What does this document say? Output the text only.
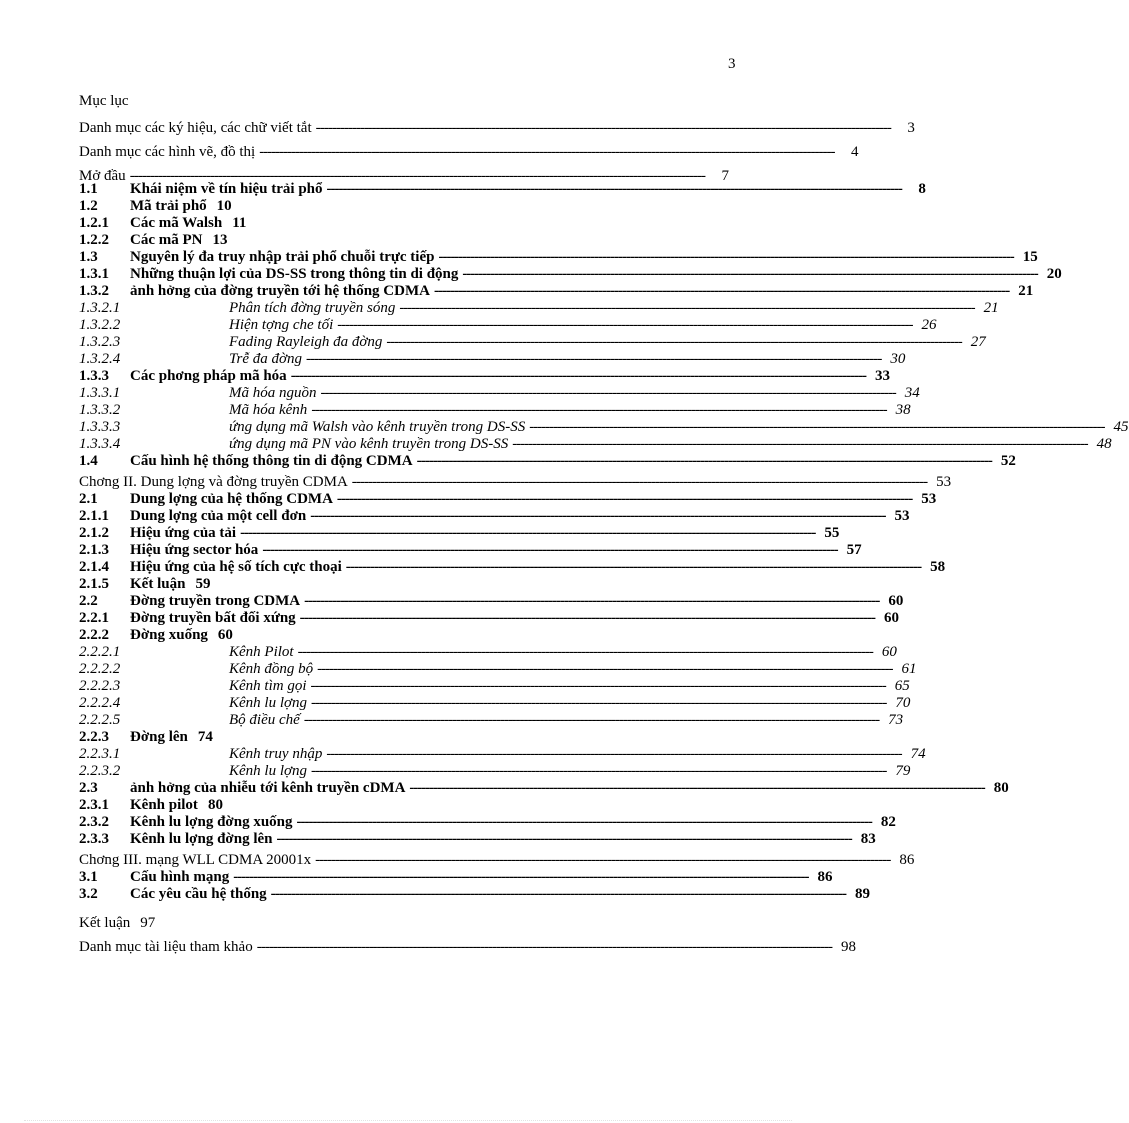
3
Mục lục
Danh mục các ký hiệu, các chữ viết tắt -----	3
Danh mục các hình vẽ, đồ thị -----	4
Mở đầu -----	7
1.1	Khái niệm về tín hiệu trải phổ -----	8
1.2	Mã trải phổ 10
1.2.1	Các mã Walsh 11
1.2.2	Các mã PN 13
1.3	Nguyên lý đa truy nhập trải phổ chuỗi trực tiếp -----	15
1.3.1	Những thuận lợi của DS-SS trong thông tin di động -----	20
1.3.2	ảnh hởng của đờng truyền tới hệ thống CDMA -----	21
1.3.2.1	Phân tích đờng truyền sóng -----	21
1.3.2.2	Hiện tợng che tối -----	26
1.3.2.3	Fading Rayleigh đa đờng -----	27
1.3.2.4	Trễ đa đờng -----	30
1.3.3	Các phơng pháp mã hóa -----	33
1.3.3.1	Mã hóa nguồn -----	34
1.3.3.2	Mã hóa kênh -----	38
1.3.3.3	ứng dụng mã Walsh vào kênh truyền trong DS-SS -----	45
1.3.3.4	ứng dụng mã PN vào kênh truyền trong DS-SS -----	48
1.4	Cấu hình hệ thống thông tin di động CDMA -----	52
Chơng II. Dung lợng và đờng truyền CDMA -----	53
2.1	Dung lợng của hệ thống CDMA -----	53
2.1.1	Dung lợng của một cell đơn -----	53
2.1.2	Hiệu ứng của tải -----	55
2.1.3	Hiệu ứng sector hóa -----	57
2.1.4	Hiệu ứng của hệ số tích cực thoại -----	58
2.1.5	Kết luận 59
2.2	Đờng truyền trong CDMA -----	60
2.2.1	Đờng truyền bất đối xứng -----	60
2.2.2	Đờng xuống 60
2.2.2.1	Kênh Pilot -----	60
2.2.2.2	Kênh đồng bộ -----	61
2.2.2.3	Kênh tìm gọi -----	65
2.2.2.4	Kênh lu lợng -----	70
2.2.2.5	Bộ điều chế -----	73
2.2.3	Đờng lên 74
2.2.3.1	Kênh truy nhập -----	74
2.2.3.2	Kênh lu lợng -----	79
2.3	ảnh hởng của nhiễu tới kênh truyền cDMA -----	80
2.3.1	Kênh pilot 80
2.3.2	Kênh lu lợng đờng xuống -----	82
2.3.3	Kênh lu lợng đờng lên -----	83
Chơng III. mạng WLL CDMA 20001x -----	86
3.1	Cấu hình mạng -----	86
3.2	Các yêu cầu hệ thống -----	89
Kết luận 97
Danh mục tài liệu tham khảo -----	98
